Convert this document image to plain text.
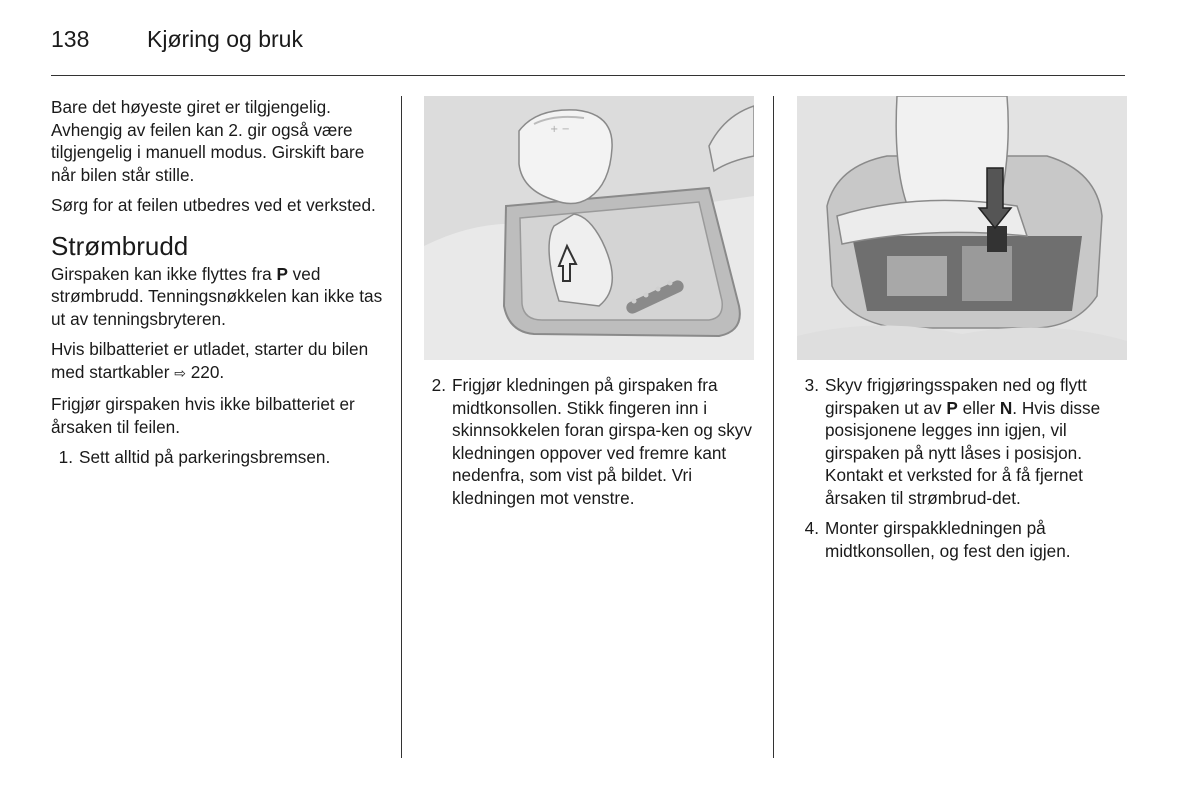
138	Kjøring og bruk

Bare det høyeste giret er tilgjengelig. Avhengig av feilen kan 2. gir også være tilgjengelig i manuell modus. Girskift bare når bilen står stille.

Sørg for at feilen utbedres ved et verksted.

Strømbrudd

Girspaken kan ikke flyttes fra P ved strømbrudd. Tenningsnøkkelen kan ikke tas ut av tenningsbryteren.

Hvis bilbatteriet er utladet, starter du bilen med startkabler ⇨ 220.

Frigjør girspaken hvis ikke bilbatteriet er årsaken til feilen.

1. Sett alltid på parkeringsbremsen.
+ −
2. Frigjør kledningen på girspaken fra midtkonsollen. Stikk fingeren inn i skinnsokkelen foran girspa-ken og skyv kledningen oppover ved fremre kant nedenfra, som vist på bildet. Vri kledningen mot venstre.
3. Skyv frigjøringsspaken ned og flytt girspaken ut av P eller N. Hvis disse posisjonene legges inn igjen, vil girspaken på nytt låses i posisjon. Kontakt et verksted for å få fjernet årsaken til strømbrud-det.
4. Monter girspakkledningen på midtkonsollen, og fest den igjen.
